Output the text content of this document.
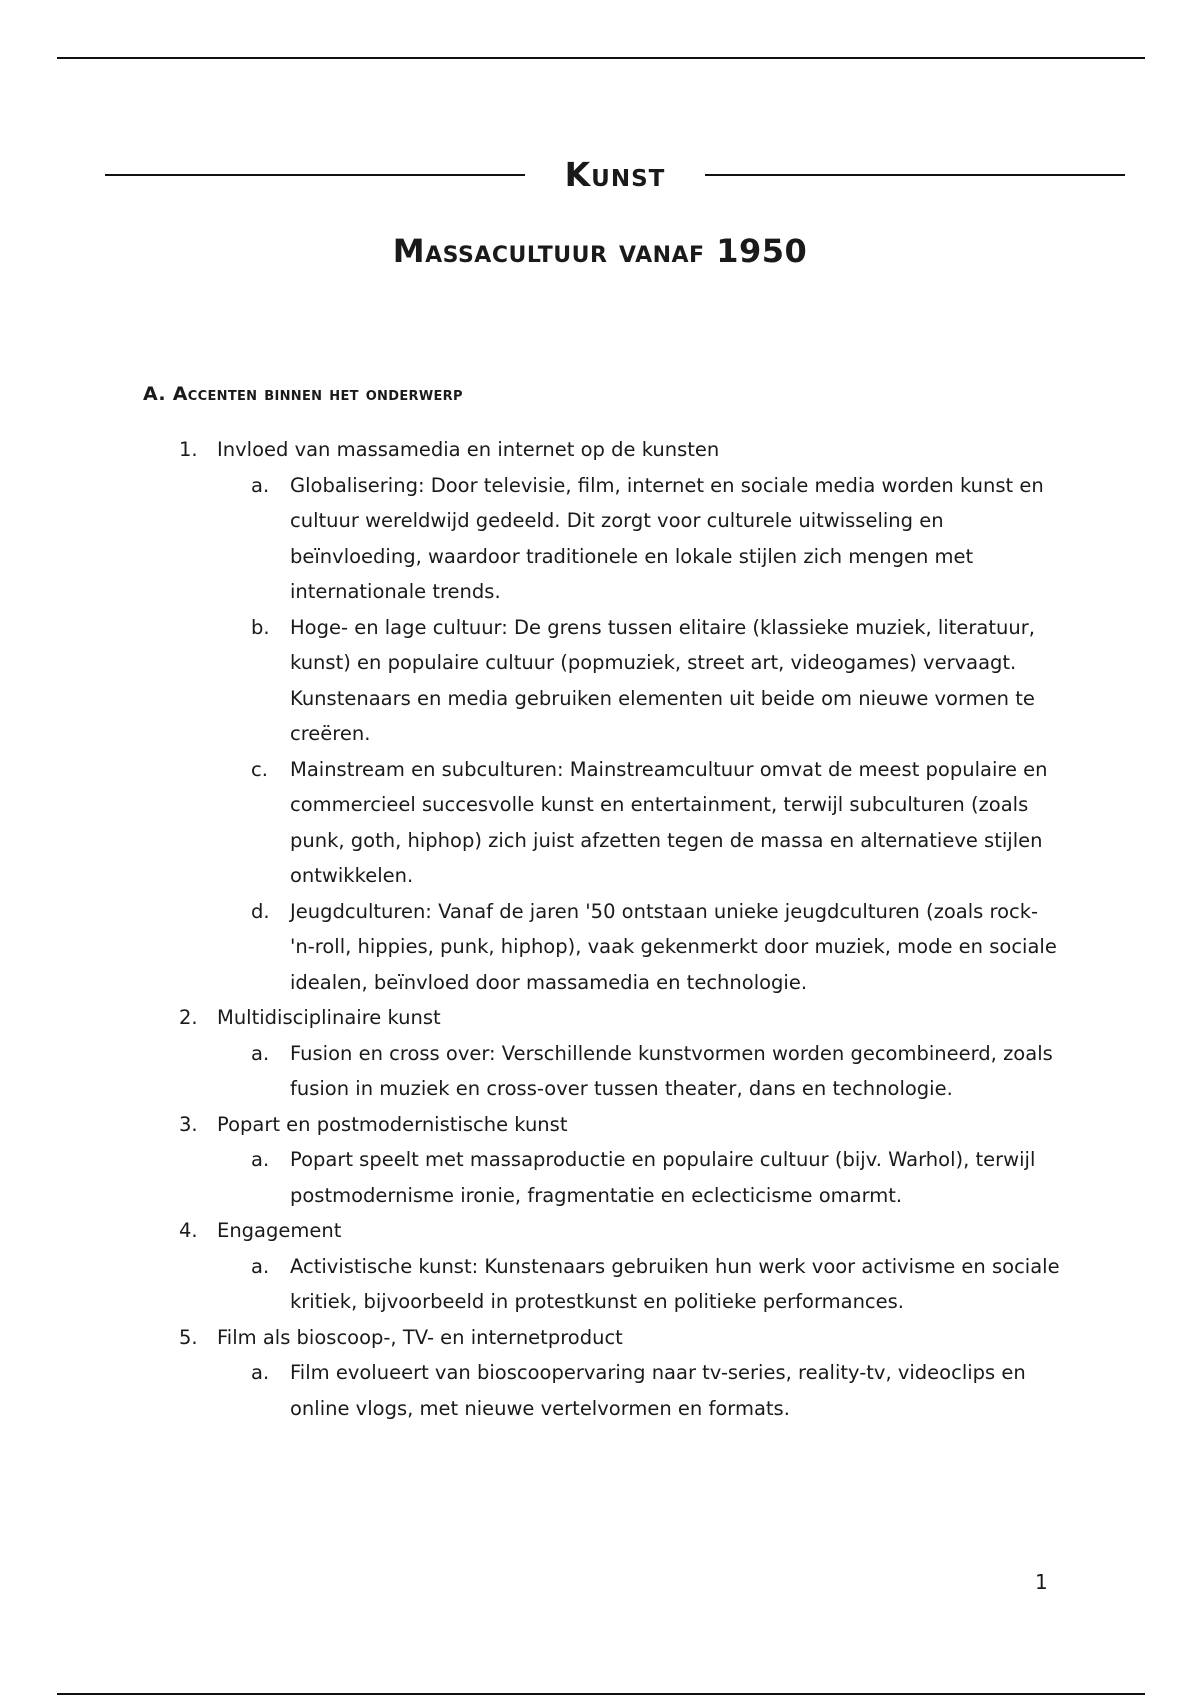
Kunst
Massacultuur vanaf 1950
A. Accenten binnen het onderwerp
1. Invloed van massamedia en internet op de kunsten
a.	Globalisering: Door televisie, film, internet en sociale media worden kunst en cultuur wereldwijd gedeeld. Dit zorgt voor culturele uitwisseling en beïnvloeding, waardoor traditionele en lokale stijlen zich mengen met internationale trends.
b.	Hoge- en lage cultuur: De grens tussen elitaire (klassieke muziek, literatuur, kunst) en populaire cultuur (popmuziek, street art, videogames) vervaagt. Kunstenaars en media gebruiken elementen uit beide om nieuwe vormen te creëren.
c.	Mainstream en subculturen: Mainstreamcultuur omvat de meest populaire en commercieel succesvolle kunst en entertainment, terwijl subculturen (zoals punk, goth, hiphop) zich juist afzetten tegen de massa en alternatieve stijlen ontwikkelen.
d.	Jeugdculturen: Vanaf de jaren '50 ontstaan unieke jeugdculturen (zoals rock-'n-roll, hippies, punk, hiphop), vaak gekenmerkt door muziek, mode en sociale idealen, beïnvloed door massamedia en technologie.
2. Multidisciplinaire kunst
a.	Fusion en cross over: Verschillende kunstvormen worden gecombineerd, zoals fusion in muziek en cross-over tussen theater, dans en technologie.
3. Popart en postmodernistische kunst
a.	Popart speelt met massaproductie en populaire cultuur (bijv. Warhol), terwijl postmodernisme ironie, fragmentatie en eclecticisme omarmt.
4. Engagement
a.	Activistische kunst: Kunstenaars gebruiken hun werk voor activisme en sociale kritiek, bijvoorbeeld in protestkunst en politieke performances.
5. Film als bioscoop-, TV- en internetproduct
a.	Film evolueert van bioscoopervaring naar tv-series, reality-tv, videoclips en online vlogs, met nieuwe vertelvormen en formats.
1
